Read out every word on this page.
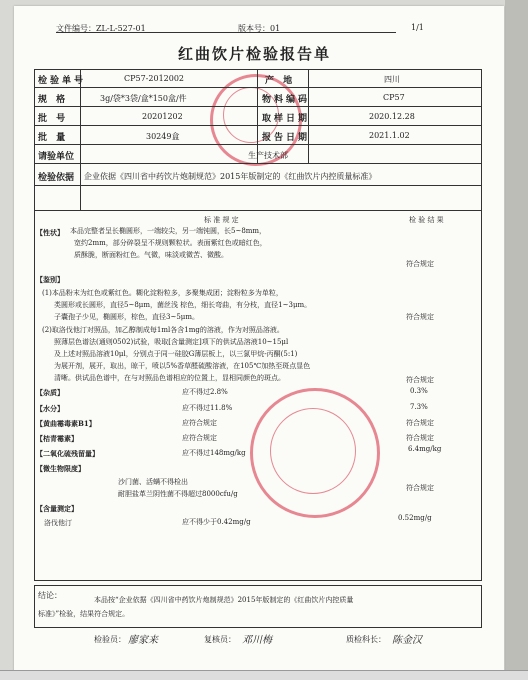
文件编号：ZL-L-527-01	版本号：01	1/1
红曲饮片检验报告单
检验单号	CP57-2012002	产 地	四川
规 格	3g/袋*3袋/盒*150盒/件	物料编码	CP57
批 号	20201202	取样日期	2020.12.28
批 量	30249盒	报告日期	2021.1.02
请验单位	生产技术部
检验依据 企业依据《四川省中药饮片炮制规范》2015年版制定的《红曲饮片内控质量标准》
标 准 规 定	检 验 结 果
【性状】 本品完整者呈长椭圆形，一端较尖，另一端钝圆，长5~8mm，
宽约2mm，部分碎裂呈不规则颗粒状。表面紫红色或暗红色，
质酥脆，断面粉红色。气微，味淡或微苦、微酸。
符合规定
【鉴别】
(1)本品粉末为红色或紫红色。糊化淀粉粒多，多聚集成团；淀粉粒多为单粒，
类圆形或长圆形，直径5~8μm，菌丝浅 棕色，细长弯曲，有分枝，直径1~3μm。
子囊孢子少见，椭圆形，棕色，直径3~5μm。	符合规定
(2)取洛伐他汀对照品，加乙醇制成每1ml各含1mg的溶液，作为对照品溶液。
照薄层色谱法(通则0502)试验，吸取[含量测定]项下的供试品溶液10~15μl
及上述对照品溶液10μl，分别点于同一硅胶G薄层板上，以三氯甲烷-丙酮(5:1)
为展开剂，展开，取出，晾干，喷以5%香草醛硫酸溶液，在105℃加热至斑点显色
清晰。供试品色谱中，在与对照品色谱相应的位置上，显相同颜色的斑点。	符合规定
【杂质】	应不得过2.8%	0.3%
【水分】	应不得过11.8%	7.3%
【黄曲霉毒素B1】	应符合规定	符合规定
【桔青霉素】	应符合规定	符合规定
【二氧化硫残留量】	应不得过148mg/kg	6.4mg/kg
【微生物限度】
沙门菌、活螨不得检出
耐胆盐革兰阴性菌不得超过8000cfu/g
符合规定
【含量测定】
洛伐他汀	应不得少于0.42mg/g	0.52mg/g
结论：	本品按“企业依据《四川省中药饮片炮制规范》2015年版制定的《红曲饮片内控质量
标准》”检验，结果符合规定。
检验员： 廖家来	复核员： 邓川梅	质检科长： 陈金汉
